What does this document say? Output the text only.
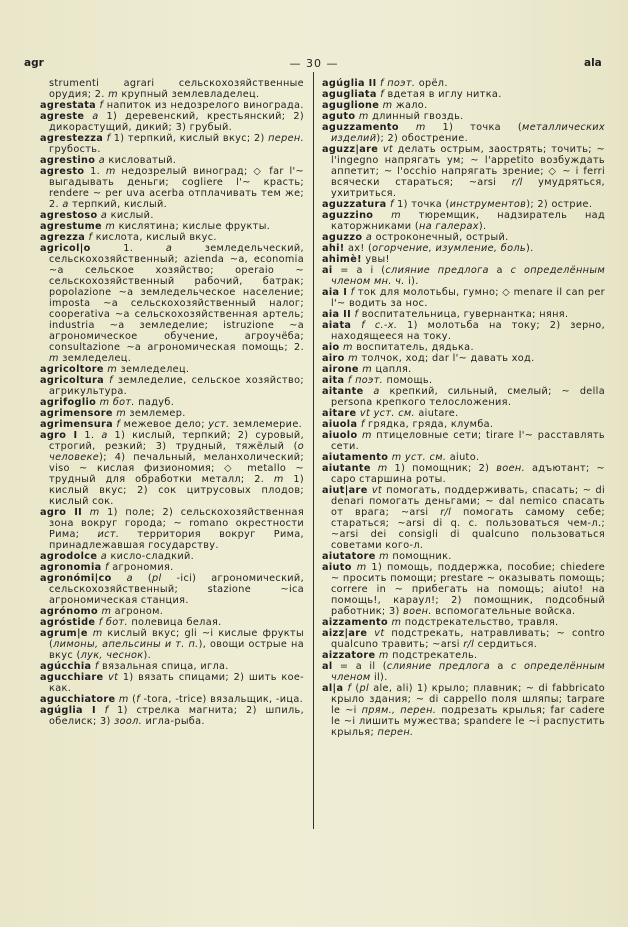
agr	— 30 —	ala

strumenti agrari сельскохозяйственные орудия; 2. m крупный землевладелец.

agrestata f напиток из недозрелого винограда.

agreste a 1) деревенский, крестьянский; 2) дикорастущий, дикий; 3) грубый.

agrestezza f 1) терпкий, кислый вкус; 2) перен. грубость.

agrestino a кисловатый.

agresto 1. m недозрелый виноград; ◇ far l'~ выгадывать деньги; cogliere l'~ красть; rendere ~ per uva acerba отплачивать тем же; 2. a терпкий, кислый.

agrestoso a кислый.

agrestume m кислятина; кислые фрукты.

agrezza f кислота, кислый вкус.

agricol|o 1. a земледельческий, сельскохозяйственный; azienda ~a, economia ~a сельское хозяйство; operaio ~ сельскохозяйственный рабочий, батрак; popolazione ~a земледельческое население; imposta ~a сельскохозяйственный налог; cooperativa ~a сельскохозяйственная артель; industria ~a земледелие; istruzione ~a агрономическое обучение, агроучёба; consultazione ~a агрономическая помощь; 2. m земледелец.

agricoltore m земледелец.

agricoltura f земледелие, сельское хозяйство; агрикультура.

agrifoglio m бот. падуб.

agrimensore m землемер.

agrimensura f межевое дело; уст. землемерие.

agro I 1. a 1) кислый, терпкий; 2) суровый, строгий, резкий; 3) трудный, тяжёлый (о человеке); 4) печальный, меланхолический; viso ~ кислая физиономия; ◇ metallo ~ трудный для обработки металл; 2. m 1) кислый вкус; 2) сок цитрусовых плодов; кислый сок.

agro II m 1) поле; 2) сельскохозяйственная зона вокруг города; ~ romano окрестности Рима; ист. территория вокруг Рима, принадлежавшая государству.

agrodolce a кисло-сладкий.

agronomia f агрономия.

agronómi|co a (pl -ici) агрономический, сельскохозяйственный; stazione ~ica агрономическая станция.

agrónomo m агроном.

agróstide f бот. полевица белая.

agrum|e m кислый вкус; gli ~i кислые фрукты (лимоны, апельсины и т. п.), овощи острые на вкус (лук, чеснок).

agúcchia f вязальная спица, игла.

agucchiare vt 1) вязать спицами; 2) шить кое-как.

agucchiatore m (f -tora, -trice) вязальщик, -ица.

agúglia I f 1) стрелка магнита; 2) шпиль, обелиск; 3) зоол. игла-рыба.

agúglia II f поэт. орёл.

agugliata f вдетая в иглу нитка.

aguglione m жало.

aguto m длинный гвоздь.

aguzzamento m 1) точка (металлических изделий); 2) обострение.

aguzz|are vt делать острым, заострять; точить; ~ l'ingegno напрягать ум; ~ l'appetito возбуждать аппетит; ~ l'occhio напрягать зрение; ◇ ~ i ferri всячески стараться; ~arsi r/l умудряться, ухитриться.

aguzzatura f 1) точка (инструментов); 2) острие.

aguzzino m тюремщик, надзиратель над каторжниками (на галерах).

aguzzo a остроконечный, острый.

ahi! ах! (огорчение, изумление, боль).

ahimè! увы!

ai = a i (слияние предлога a с определённым членом мн. ч. i).

aia I f ток для молотьбы, гумно; ◇ menare il can per l'~ водить за нос.

aia II f воспитательница, гувернантка; няня.

aiata f с.-х. 1) молотьба на току; 2) зерно, находящееся на току.

aio m воспитатель, дядька.

airo m толчок, ход; dar l'~ давать ход.

airone m цапля.

aita f поэт. помощь.

aitante a крепкий, сильный, смелый; ~ della persona крепкого телосложения.

aitare vt уст. см. aiutare.

aiuola f грядка, гряда, клумба.

aiuolo m птицеловные сети; tirare l'~ расставлять сети.

aiutamento m уст. см. aiuto.

aiutante m 1) помощник; 2) воен. адъютант; ~ capo старшина роты.

aiut|are vt помогать, поддерживать, спасать; ~ di denari помогать деньгами; ~ dal nemico спасать от врага; ~arsi r/l помогать самому себе; стараться; ~arsi di q. c. пользоваться чем-л.; ~arsi dei consigli di qualcuno пользоваться советами кого-л.

aiutatore m помощник.

aiuto m 1) помощь, поддержка, пособие; chiedere ~ просить помощи; prestare ~ оказывать помощь; correre in ~ прибегать на помощь; aiuto! на помощь!, караул!; 2) помощник, подсобный работник; 3) воен. вспомогательные войска.

aizzamento m подстрекательство, травля.

aizz|are vt подстрекать, натравливать; ~ contro qualcuno травить; ~arsi r/l сердиться.

aizzatore m подстрекатель.

al = a il (слияние предлога a с определённым членом il).

al|a f (pl ale, ali) 1) крыло; плавник; ~ di fabbricato крыло здания; ~ di cappello поля шляпы; tarpare le ~i прям., перен. подрезать крылья; far cadere le ~i лишить мужества; spandere le ~i распустить крылья; перен.
